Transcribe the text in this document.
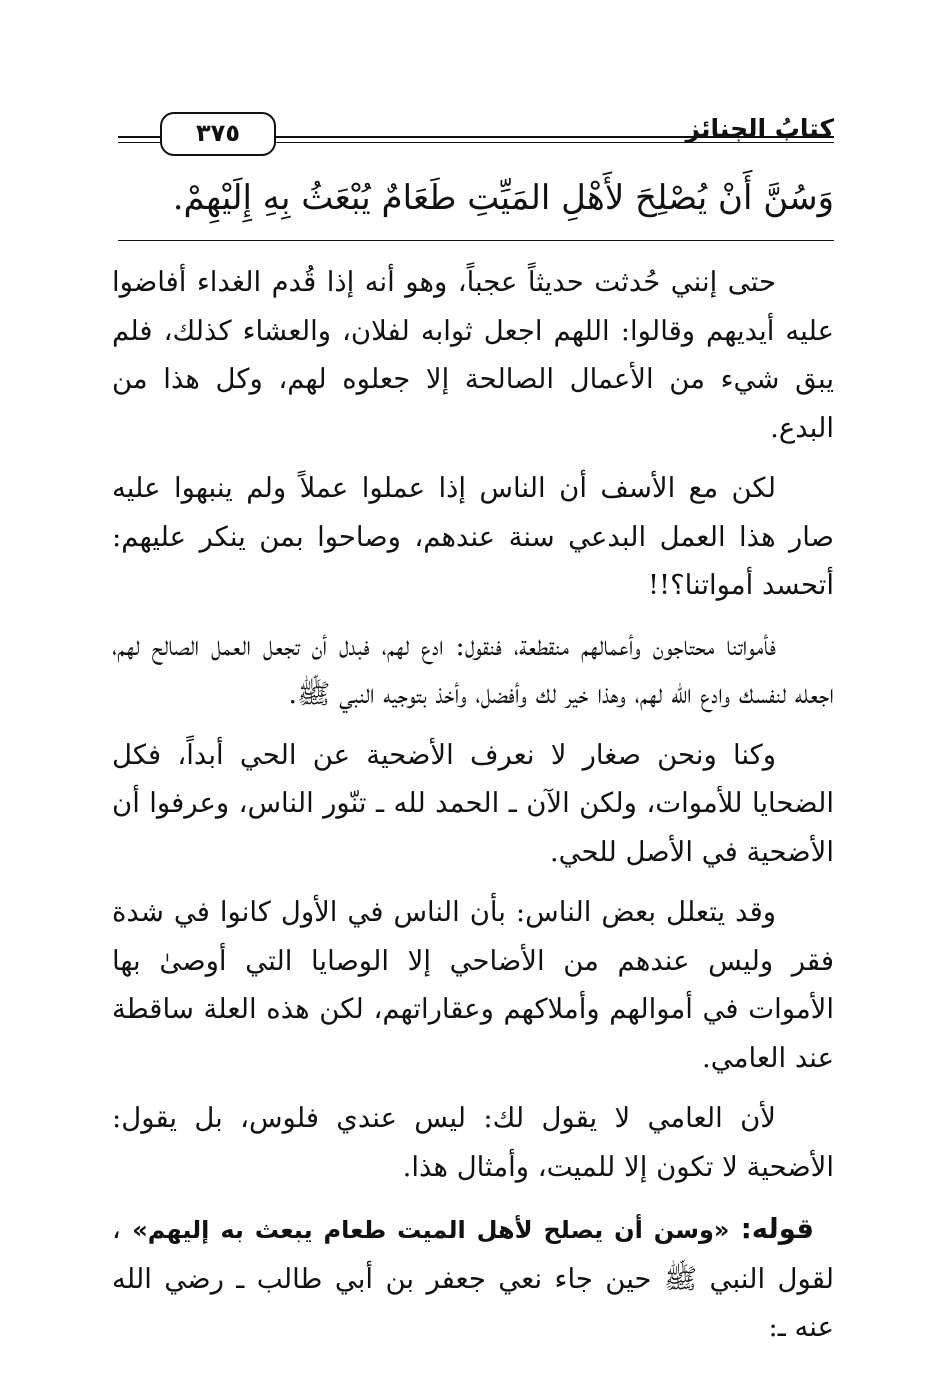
كتابُ الجنائز
٣٧٥
وَسُنَّ أَنْ يُصْلِحَ لأَهْلِ المَيِّتِ طَعَامٌ يُبْعَثُ بِهِ إِلَيْهِمْ.

حتى إنني حُدثت حديثاً عجباً، وهو أنه إذا قُدم الغداء أفاضوا عليه أيديهم وقالوا: اللهم اجعل ثوابه لفلان، والعشاء كذلك، فلم يبق شيء من الأعمال الصالحة إلا جعلوه لهم، وكل هذا من البدع.

لكن مع الأسف أن الناس إذا عملوا عملاً ولم ينبهوا عليه صار هذا العمل البدعي سنة عندهم، وصاحوا بمن ينكر عليهم: أتحسد أمواتنا؟!!

فأمواتنا محتاجون وأعمالهم منقطعة، فنقول: ادع لهم، فبدل أن تجعل العمل الصالح لهم، اجعله لنفسك وادع الله لهم، وهذا خير لك وأفضل، وأخذ بتوجيه النبي ﷺ.

وكنا ونحن صغار لا نعرف الأضحية عن الحي أبداً، فكل الضحايا للأموات، ولكن الآن ـ الحمد لله ـ تنّور الناس، وعرفوا أن الأضحية في الأصل للحي.

وقد يتعلل بعض الناس: بأن الناس في الأول كانوا في شدة فقر وليس عندهم من الأضاحي إلا الوصايا التي أوصىٰ بها الأموات في أموالهم وأملاكهم وعقاراتهم، لكن هذه العلة ساقطة عند العامي.

لأن العامي لا يقول لك: ليس عندي فلوس، بل يقول: الأضحية لا تكون إلا للميت، وأمثال هذا.

قوله: «وسن أن يصلح لأهل الميت طعام يبعث به إليهم» ، لقول النبي ﷺ حين جاء نعي جعفر بن أبي طالب ـ رضي الله عنه ـ:
